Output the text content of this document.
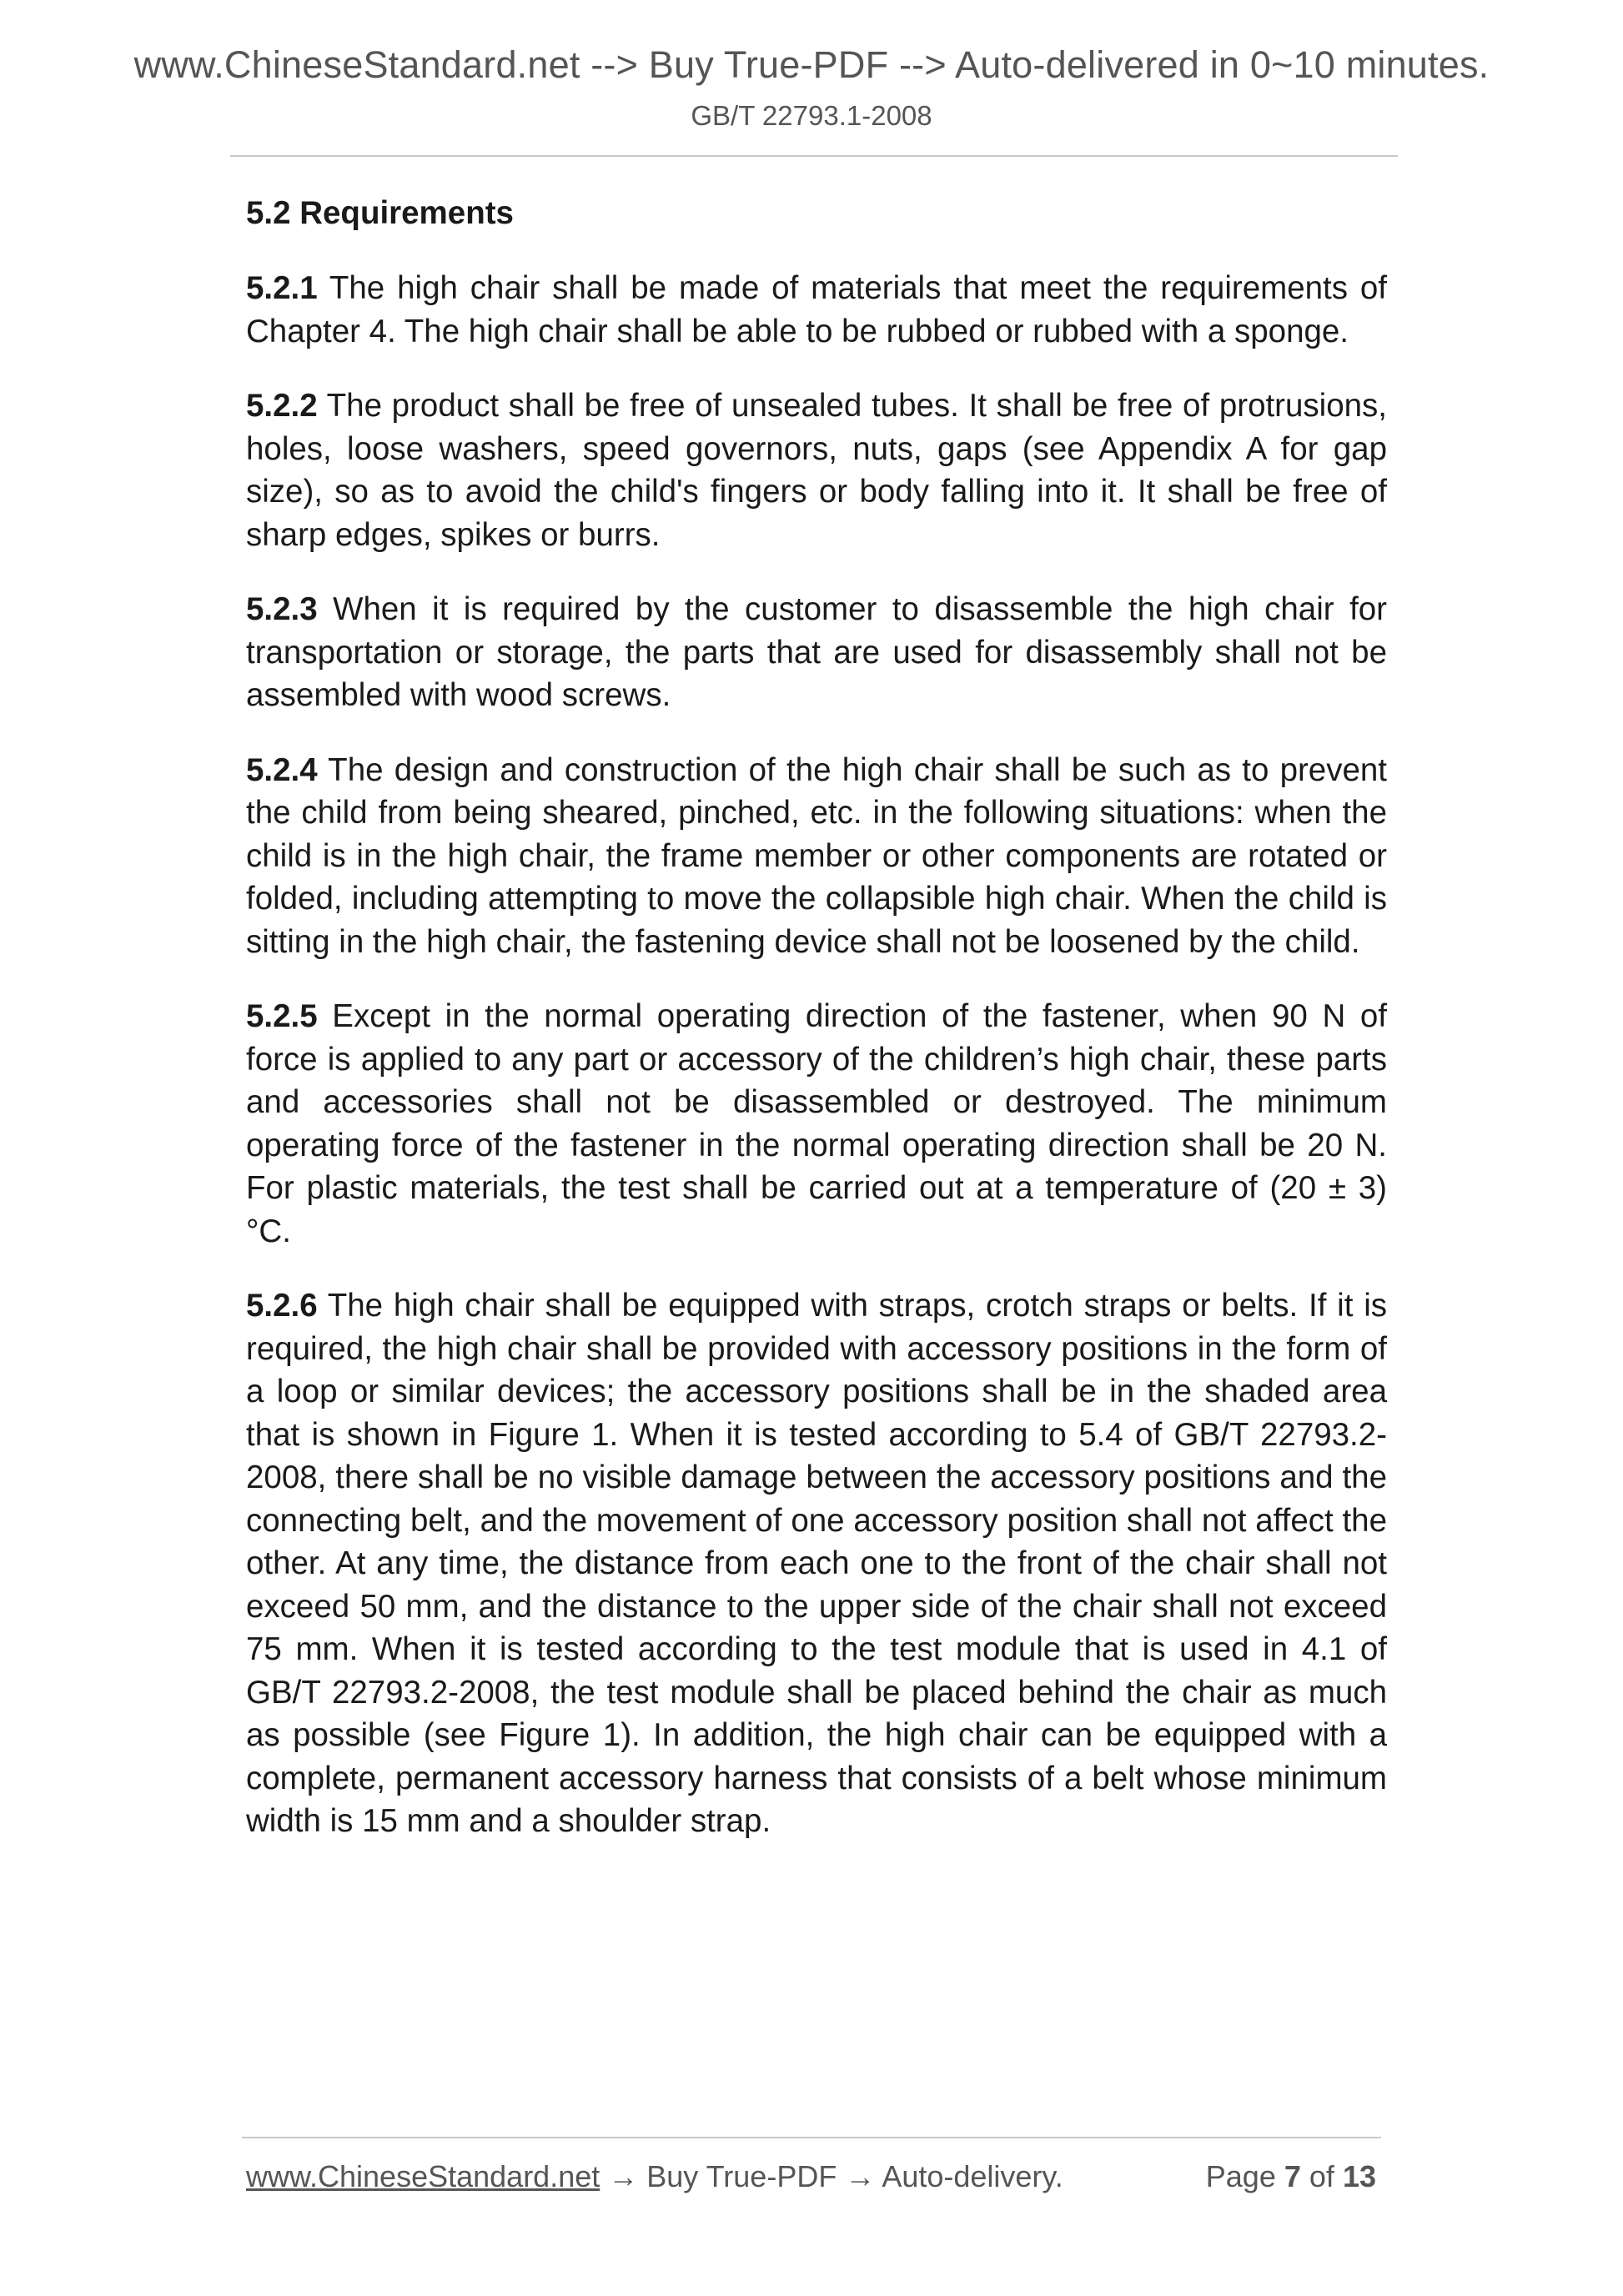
www.ChineseStandard.net --> Buy True-PDF --> Auto-delivered in 0~10 minutes.
GB/T 22793.1-2008
5.2 Requirements

5.2.1 The high chair shall be made of materials that meet the requirements of Chapter 4. The high chair shall be able to be rubbed or rubbed with a sponge.

5.2.2 The product shall be free of unsealed tubes. It shall be free of protrusions, holes, loose washers, speed governors, nuts, gaps (see Appendix A for gap size), so as to avoid the child's fingers or body falling into it. It shall be free of sharp edges, spikes or burrs.

5.2.3 When it is required by the customer to disassemble the high chair for transportation or storage, the parts that are used for disassembly shall not be assembled with wood screws.

5.2.4 The design and construction of the high chair shall be such as to prevent the child from being sheared, pinched, etc. in the following situations: when the child is in the high chair, the frame member or other components are rotated or folded, including attempting to move the collapsible high chair. When the child is sitting in the high chair, the fastening device shall not be loosened by the child.

5.2.5 Except in the normal operating direction of the fastener, when 90 N of force is applied to any part or accessory of the children’s high chair, these parts and accessories shall not be disassembled or destroyed. The minimum operating force of the fastener in the normal operating direction shall be 20 N. For plastic materials, the test shall be carried out at a temperature of (20 ± 3) °C.

5.2.6 The high chair shall be equipped with straps, crotch straps or belts. If it is required, the high chair shall be provided with accessory positions in the form of a loop or similar devices; the accessory positions shall be in the shaded area that is shown in Figure 1. When it is tested according to 5.4 of GB/T 22793.2-2008, there shall be no visible damage between the accessory positions and the connecting belt, and the movement of one accessory position shall not affect the other. At any time, the distance from each one to the front of the chair shall not exceed 50 mm, and the distance to the upper side of the chair shall not exceed 75 mm. When it is tested according to the test module that is used in 4.1 of GB/T 22793.2-2008, the test module shall be placed behind the chair as much as possible (see Figure 1). In addition, the high chair can be equipped with a complete, permanent accessory harness that consists of a belt whose minimum width is 15 mm and a shoulder strap.

www.ChineseStandard.net → Buy True-PDF → Auto-delivery.	Page 7 of 13
